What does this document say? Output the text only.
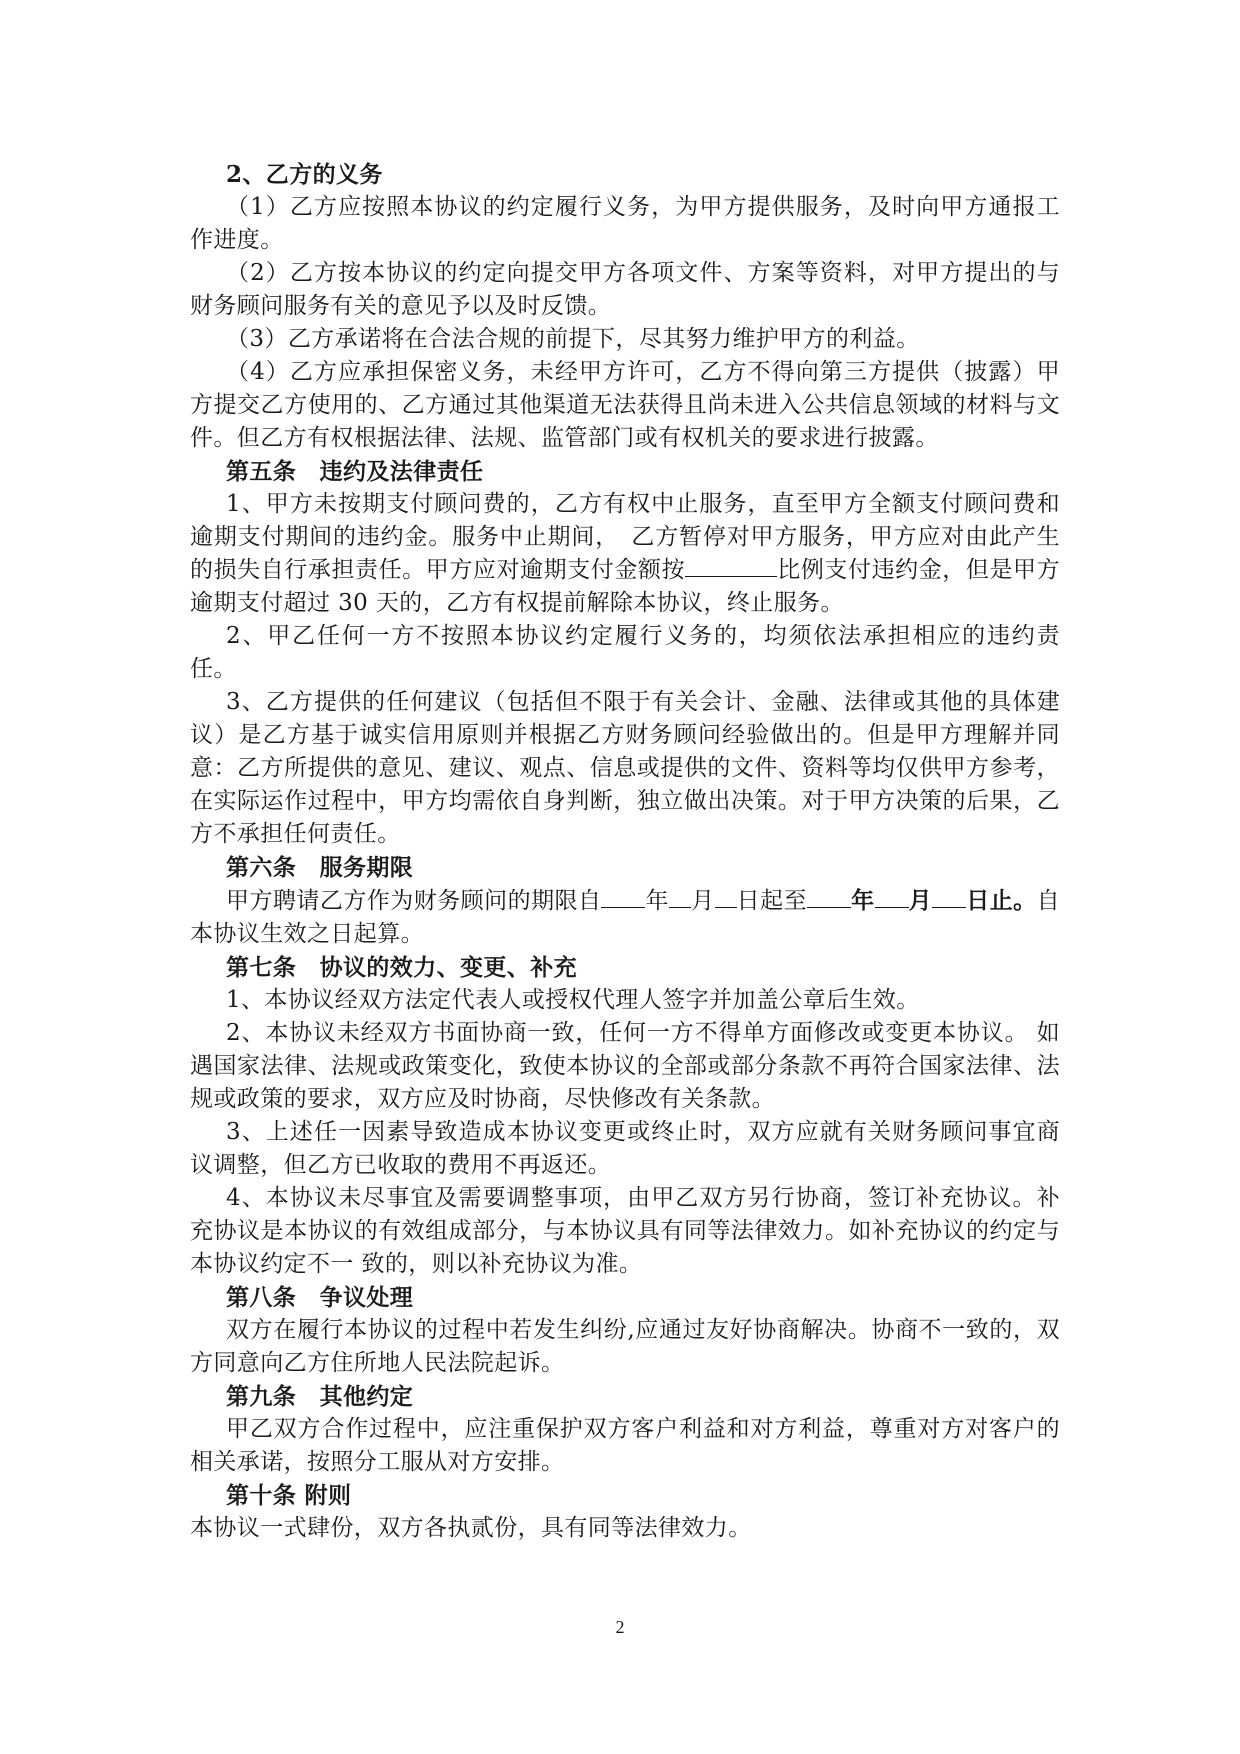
2、乙方的义务

（1）乙方应按照本协议的约定履行义务，为甲方提供服务，及时向甲方通报工作进度。

（2）乙方按本协议的约定向提交甲方各项文件、方案等资料，对甲方提出的与财务顾问服务有关的意见予以及时反馈。

（3）乙方承诺将在合法合规的前提下，尽其努力维护甲方的利益。

（4）乙方应承担保密义务，未经甲方许可，乙方不得向第三方提供（披露）甲方提交乙方使用的、乙方通过其他渠道无法获得且尚未进入公共信息领域的材料与文件。但乙方有权根据法律、法规、监管部门或有权机关的要求进行披露。

第五条　违约及法律责任

1、甲方未按期支付顾问费的，乙方有权中止服务，直至甲方全额支付顾问费和逾期支付期间的违约金。服务中止期间，　乙方暂停对甲方服务，甲方应对由此产生的损失自行承担责任。甲方应对逾期支付金额按	比例支付违约金，但是甲方逾期支付超过 30 天的，乙方有权提前解除本协议，终止服务。

2、甲乙任何一方不按照本协议约定履行义务的，均须依法承担相应的违约责任。

3、乙方提供的任何建议（包括但不限于有关会计、金融、法律或其他的具体建议）是乙方基于诚实信用原则并根据乙方财务顾问经验做出的。但是甲方理解并同意：乙方所提供的意见、建议、观点、信息或提供的文件、资料等均仅供甲方参考，在实际运作过程中，甲方均需依自身判断，独立做出决策。对于甲方决策的后果，乙方不承担任何责任。

第六条　服务期限

甲方聘请乙方作为财务顾问的期限自 年 月 日起至 年 月 日止。自本协议生效之日起算。

第七条　协议的效力、变更、补充

1、本协议经双方法定代表人或授权代理人签字并加盖公章后生效。

2、本协议未经双方书面协商一致，任何一方不得单方面修改或变更本协议。 如遇国家法律、法规或政策变化，致使本协议的全部或部分条款不再符合国家法律、法规或政策的要求，双方应及时协商，尽快修改有关条款。

3、上述任一因素导致造成本协议变更或终止时，双方应就有关财务顾问事宜商议调整，但乙方已收取的费用不再返还。

4、本协议未尽事宜及需要调整事项，由甲乙双方另行协商，签订补充协议。补充协议是本协议的有效组成部分，与本协议具有同等法律效力。如补充协议的约定与本协议约定不一 致的，则以补充协议为准。

第八条　争议处理

双方在履行本协议的过程中若发生纠纷,应通过友好协商解决。协商不一致的，双方同意向乙方住所地人民法院起诉。

第九条　其他约定

甲乙双方合作过程中，应注重保护双方客户利益和对方利益，尊重对方对客户的相关承诺，按照分工服从对方安排。

第十条 附则

本协议一式肆份，双方各执贰份，具有同等法律效力。

2
